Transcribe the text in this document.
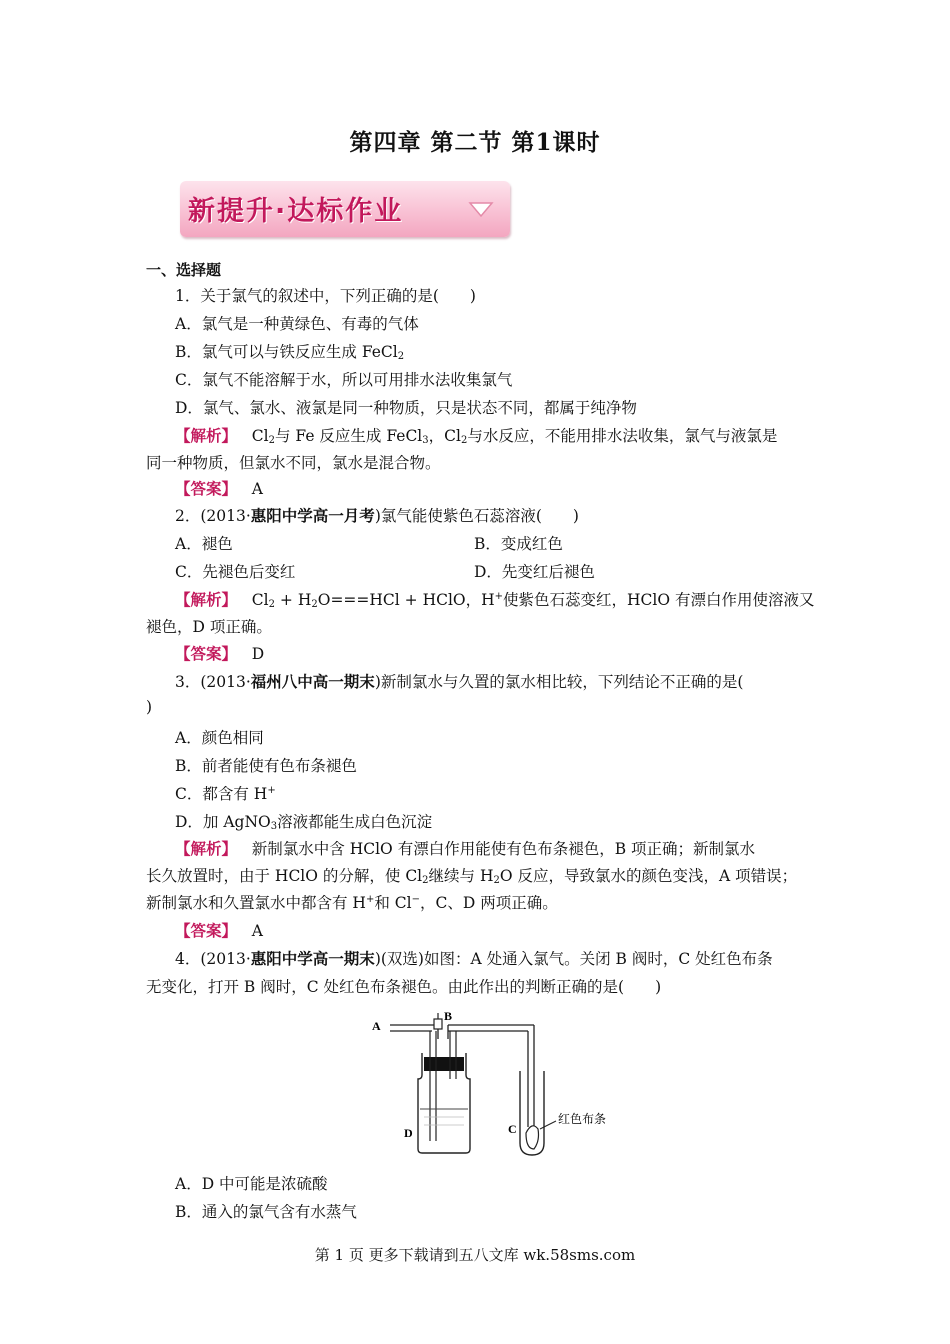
第四章 第二节 第1课时
新提升·达标作业
一、选择题
1．关于氯气的叙述中，下列正确的是(　　)
A．氯气是一种黄绿色、有毒的气体
B．氯气可以与铁反应生成 FeCl$_2$
C．氯气不能溶解于水，所以可用排水法收集氯气
D．氯气、氯水、液氯是同一种物质，只是状态不同，都属于纯净物
【解析】 $Cl_2$与 Fe 反应生成 FeCl$_3$，$Cl_2$与水反应，不能用排水法收集，氯气与液氯是
同一种物质，但氯水不同，氯水是混合物。
【答案】 A
2．(2013·惠阳中学高一月考)氯气能使紫色石蕊溶液(　　)
A．褪色	B．变成红色
C．先褪色后变红	D．先变红后褪色
【解析】 $Cl_2 + H_2O===HCl$ + HClO，H+使紫色石蕊变红，HClO 有漂白作用使溶液又
褪色，D 项正确。
【答案】 D
3．(2013·福州八中高一期末)新制氯水与久置的氯水相比较，下列结论不正确的是(
)
A．颜色相同
B．前者能使有色布条褪色
C．都含有 H+
D．加 AgNO$_3$溶液都能生成白色沉淀
【解析】 新制氯水中含 HClO 有漂白作用能使有色布条褪色，B 项正确；新制氯水
长久放置时，由于 HClO 的分解，使 $Cl_2$继续与 $H_2O$ 反应，导致氯水的颜色变浅，A 项错误；
新制氯水和久置氯水中都含有 H+和 Cl−，C、D 两项正确。
【答案】 A
4．(2013·惠阳中学高一期末)(双选)如图：A 处通入氯气。关闭 B 阀时，C 处红色布条
无变化，打开 B 阀时，C 处红色布条褪色。由此作出的判断正确的是(　　)
A
B
D	C
红色布条
A．D 中可能是浓硫酸
B．通入的氯气含有水蒸气
第 1 页 更多下载请到五八文库 wk.58sms.com
